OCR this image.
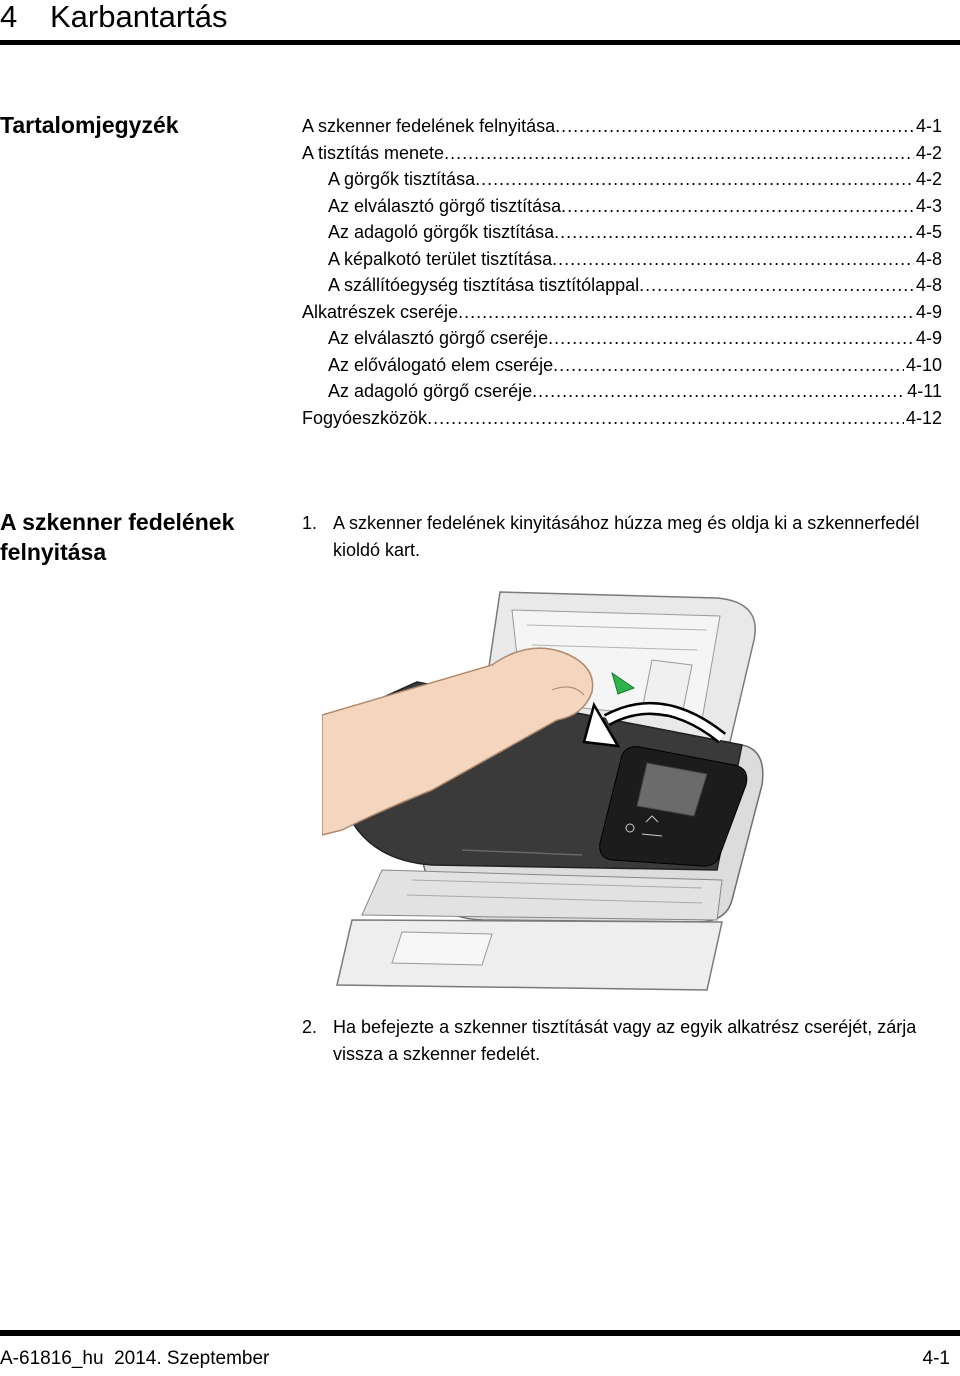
4 Karbantartás
Tartalomjegyzék	A szkenner fedelének felnyitása .....	4-1
A tisztítás menete .....	4-2
A görgők tisztítása .....	4-2
Az elválasztó görgő tisztítása .....	4-3
Az adagoló görgők tisztítása .....	4-5
A képalkotó terület tisztítása .....	4-8
A szállítóegység tisztítása tisztítólappal .....	4-8
Alkatrészek cseréje .....	4-9
Az elválasztó görgő cseréje .....	4-9
Az előválogató elem cseréje .....	4-10
Az adagoló görgő cseréje .....	4-11
Fogyóeszközök .....	4-12
A szkenner fedelének felnyitása
1. A szkenner fedelének kinyitásához húzza meg és oldja ki a szkennerfedél kioldó kart.
2. Ha befejezte a szkenner tisztítását vagy az egyik alkatrész cseréjét, zárja vissza a szkenner fedelét.
A-61816_hu  2014. Szeptember	4-1
